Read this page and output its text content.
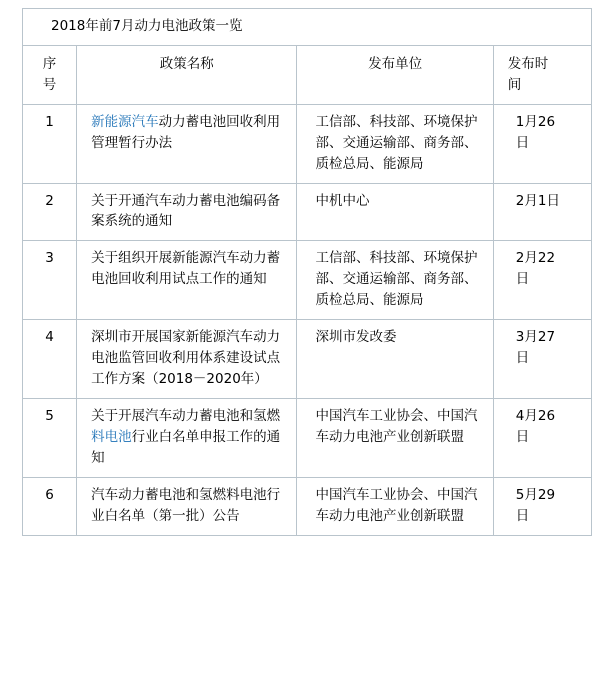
2018年前7月动力电池政策一览			

序
号
	政策名称	发布单位	发布时
间

1	新能源汽车动力蓄电池回收利用管理暂行办法	工信部、科技部、环境保护部、交通运输部、商务部、质检总局、能源局	1月26
日

2	关于开通汽车动力蓄电池编码备案系统的通知	中机中心	2月1日

3	关于组织开展新能源汽车动力蓄电池回收利用试点工作的通知	工信部、科技部、环境保护部、交通运输部、商务部、质检总局、能源局	2月22
日

4	深圳市开展国家新能源汽车动力电池监管回收利用体系建设试点工作方案（2018－2020年）	深圳市发改委	3月27
日

5	关于开展汽车动力蓄电池和氢燃料电池行业白名单申报工作的通知	中国汽车工业协会、中国汽车动力电池产业创新联盟	4月26
日

6	汽车动力蓄电池和氢燃料电池行业白名单（第一批）公告	中国汽车工业协会、中国汽车动力电池产业创新联盟	5月29
日
